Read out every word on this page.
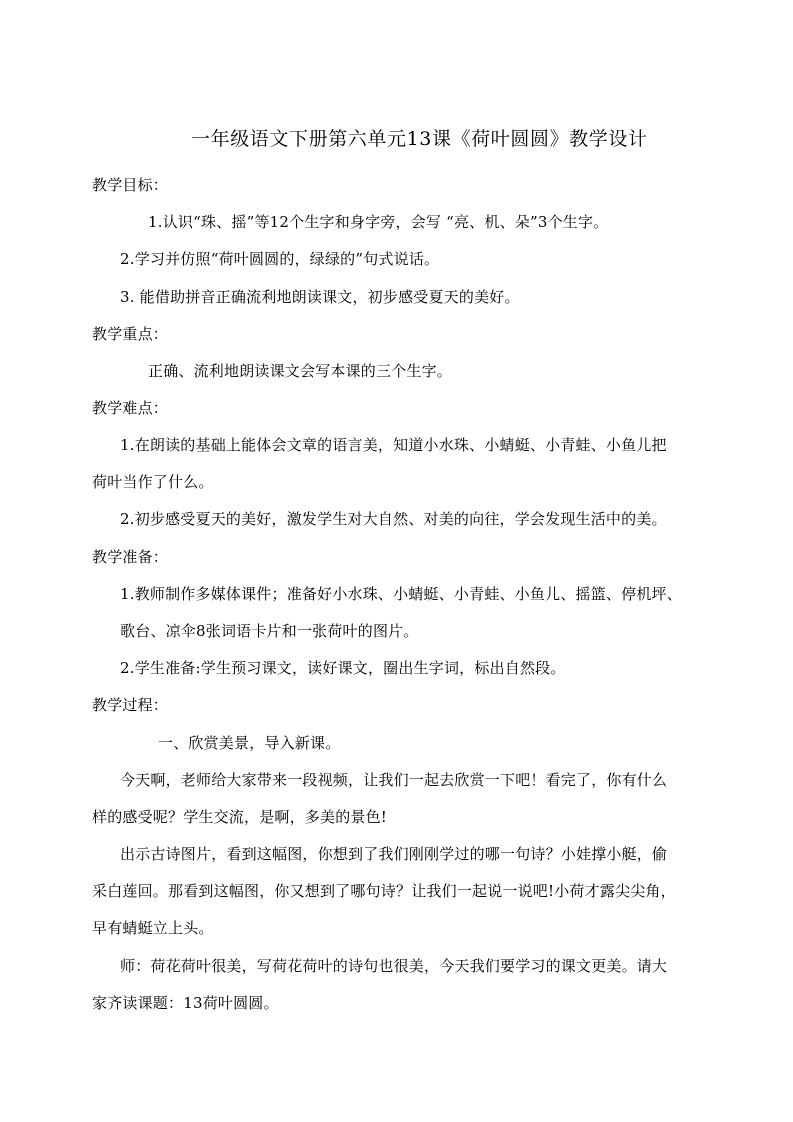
一年级语文下册第六单元13课《荷叶圆圆》教学设计
教学目标：
1.认识“珠、摇”等12个生字和身字旁，会写 “亮、机、朵”3个生字。
2.学习并仿照“荷叶圆圆的，绿绿的”句式说话。
3. 能借助拼音正确流利地朗读课文，初步感受夏天的美好。
教学重点：
正确、流利地朗读课文会写本课的三个生字。
教学难点：
1.在朗读的基础上能体会文章的语言美，知道小水珠、小蜻蜓、小青蛙、小鱼儿把
荷叶当作了什么。
2.初步感受夏天的美好，激发学生对大自然、对美的向往，学会发现生活中的美。
教学准备：
1.教师制作多媒体课件；准备好小水珠、小蜻蜓、小青蛙、小鱼儿、摇篮、停机坪、
歌台、凉伞8张词语卡片和一张荷叶的图片。
2.学生准备:学生预习课文，读好课文，圈出生字词，标出自然段。
教学过程：
一、欣赏美景，导入新课。
今天啊，老师给大家带来一段视频，让我们一起去欣赏一下吧！看完了，你有什么
样的感受呢？学生交流，是啊，多美的景色!
出示古诗图片，看到这幅图，你想到了我们刚刚学过的哪一句诗？小娃撑小艇，偷
采白莲回。那看到这幅图，你又想到了哪句诗？让我们一起说一说吧!小荷才露尖尖角，
早有蜻蜓立上头。
师：荷花荷叶很美，写荷花荷叶的诗句也很美，今天我们要学习的课文更美。请大
家齐读课题：13荷叶圆圆。
